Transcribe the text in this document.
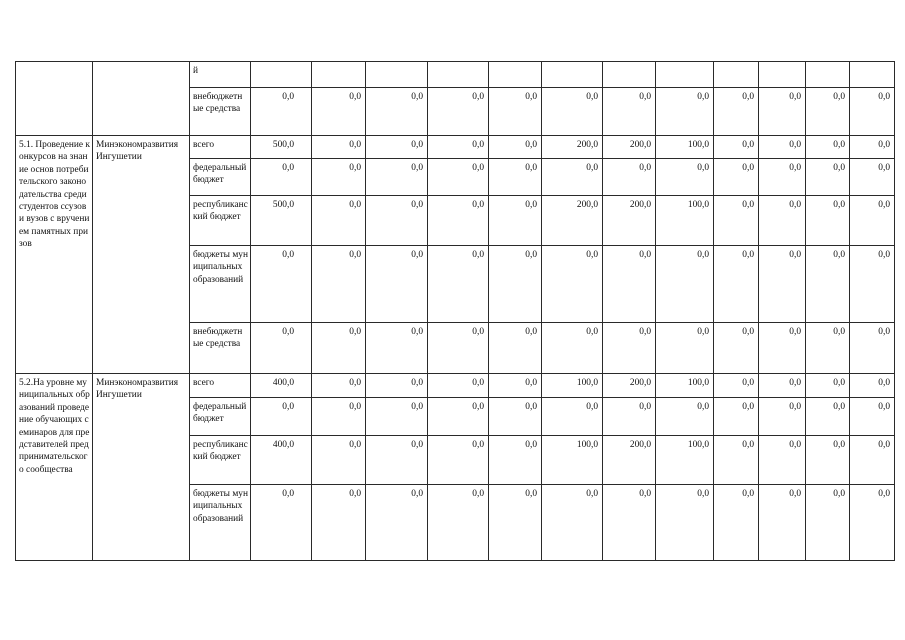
		й												
		внебюджетные средства	0,0	0,0	0,0	0,0	0,0	0,0	0,0	0,0	0,0	0,0	0,0	0,0
5.1. Проведение конкурсов на знание основ потребительского законодательства среди студентов ссузов и вузов с вручением памятных призов	Минэкономразвития Ингушетии	всего	500,0	0,0	0,0	0,0	0,0	200,0	200,0	100,0	0,0	0,0	0,0	0,0
		федеральный бюджет	0,0	0,0	0,0	0,0	0,0	0,0	0,0	0,0	0,0	0,0	0,0	0,0
		республиканский бюджет	500,0	0,0	0,0	0,0	0,0	200,0	200,0	100,0	0,0	0,0	0,0	0,0
		бюджеты муниципальных образований	0,0	0,0	0,0	0,0	0,0	0,0	0,0	0,0	0,0	0,0	0,0	0,0
		внебюджетные средства	0,0	0,0	0,0	0,0	0,0	0,0	0,0	0,0	0,0	0,0	0,0	0,0
5.2.На уровне муниципальных образований проведение обучающих семинаров для представителей предпринимательского сообщества	Минэкономразвития Ингушетии	всего	400,0	0,0	0,0	0,0	0,0	100,0	200,0	100,0	0,0	0,0	0,0	0,0
		федеральный бюджет	0,0	0,0	0,0	0,0	0,0	0,0	0,0	0,0	0,0	0,0	0,0	0,0
		республиканский бюджет	400,0	0,0	0,0	0,0	0,0	100,0	200,0	100,0	0,0	0,0	0,0	0,0
		бюджеты муниципальных образований	0,0	0,0	0,0	0,0	0,0	0,0	0,0	0,0	0,0	0,0	0,0	0,0
